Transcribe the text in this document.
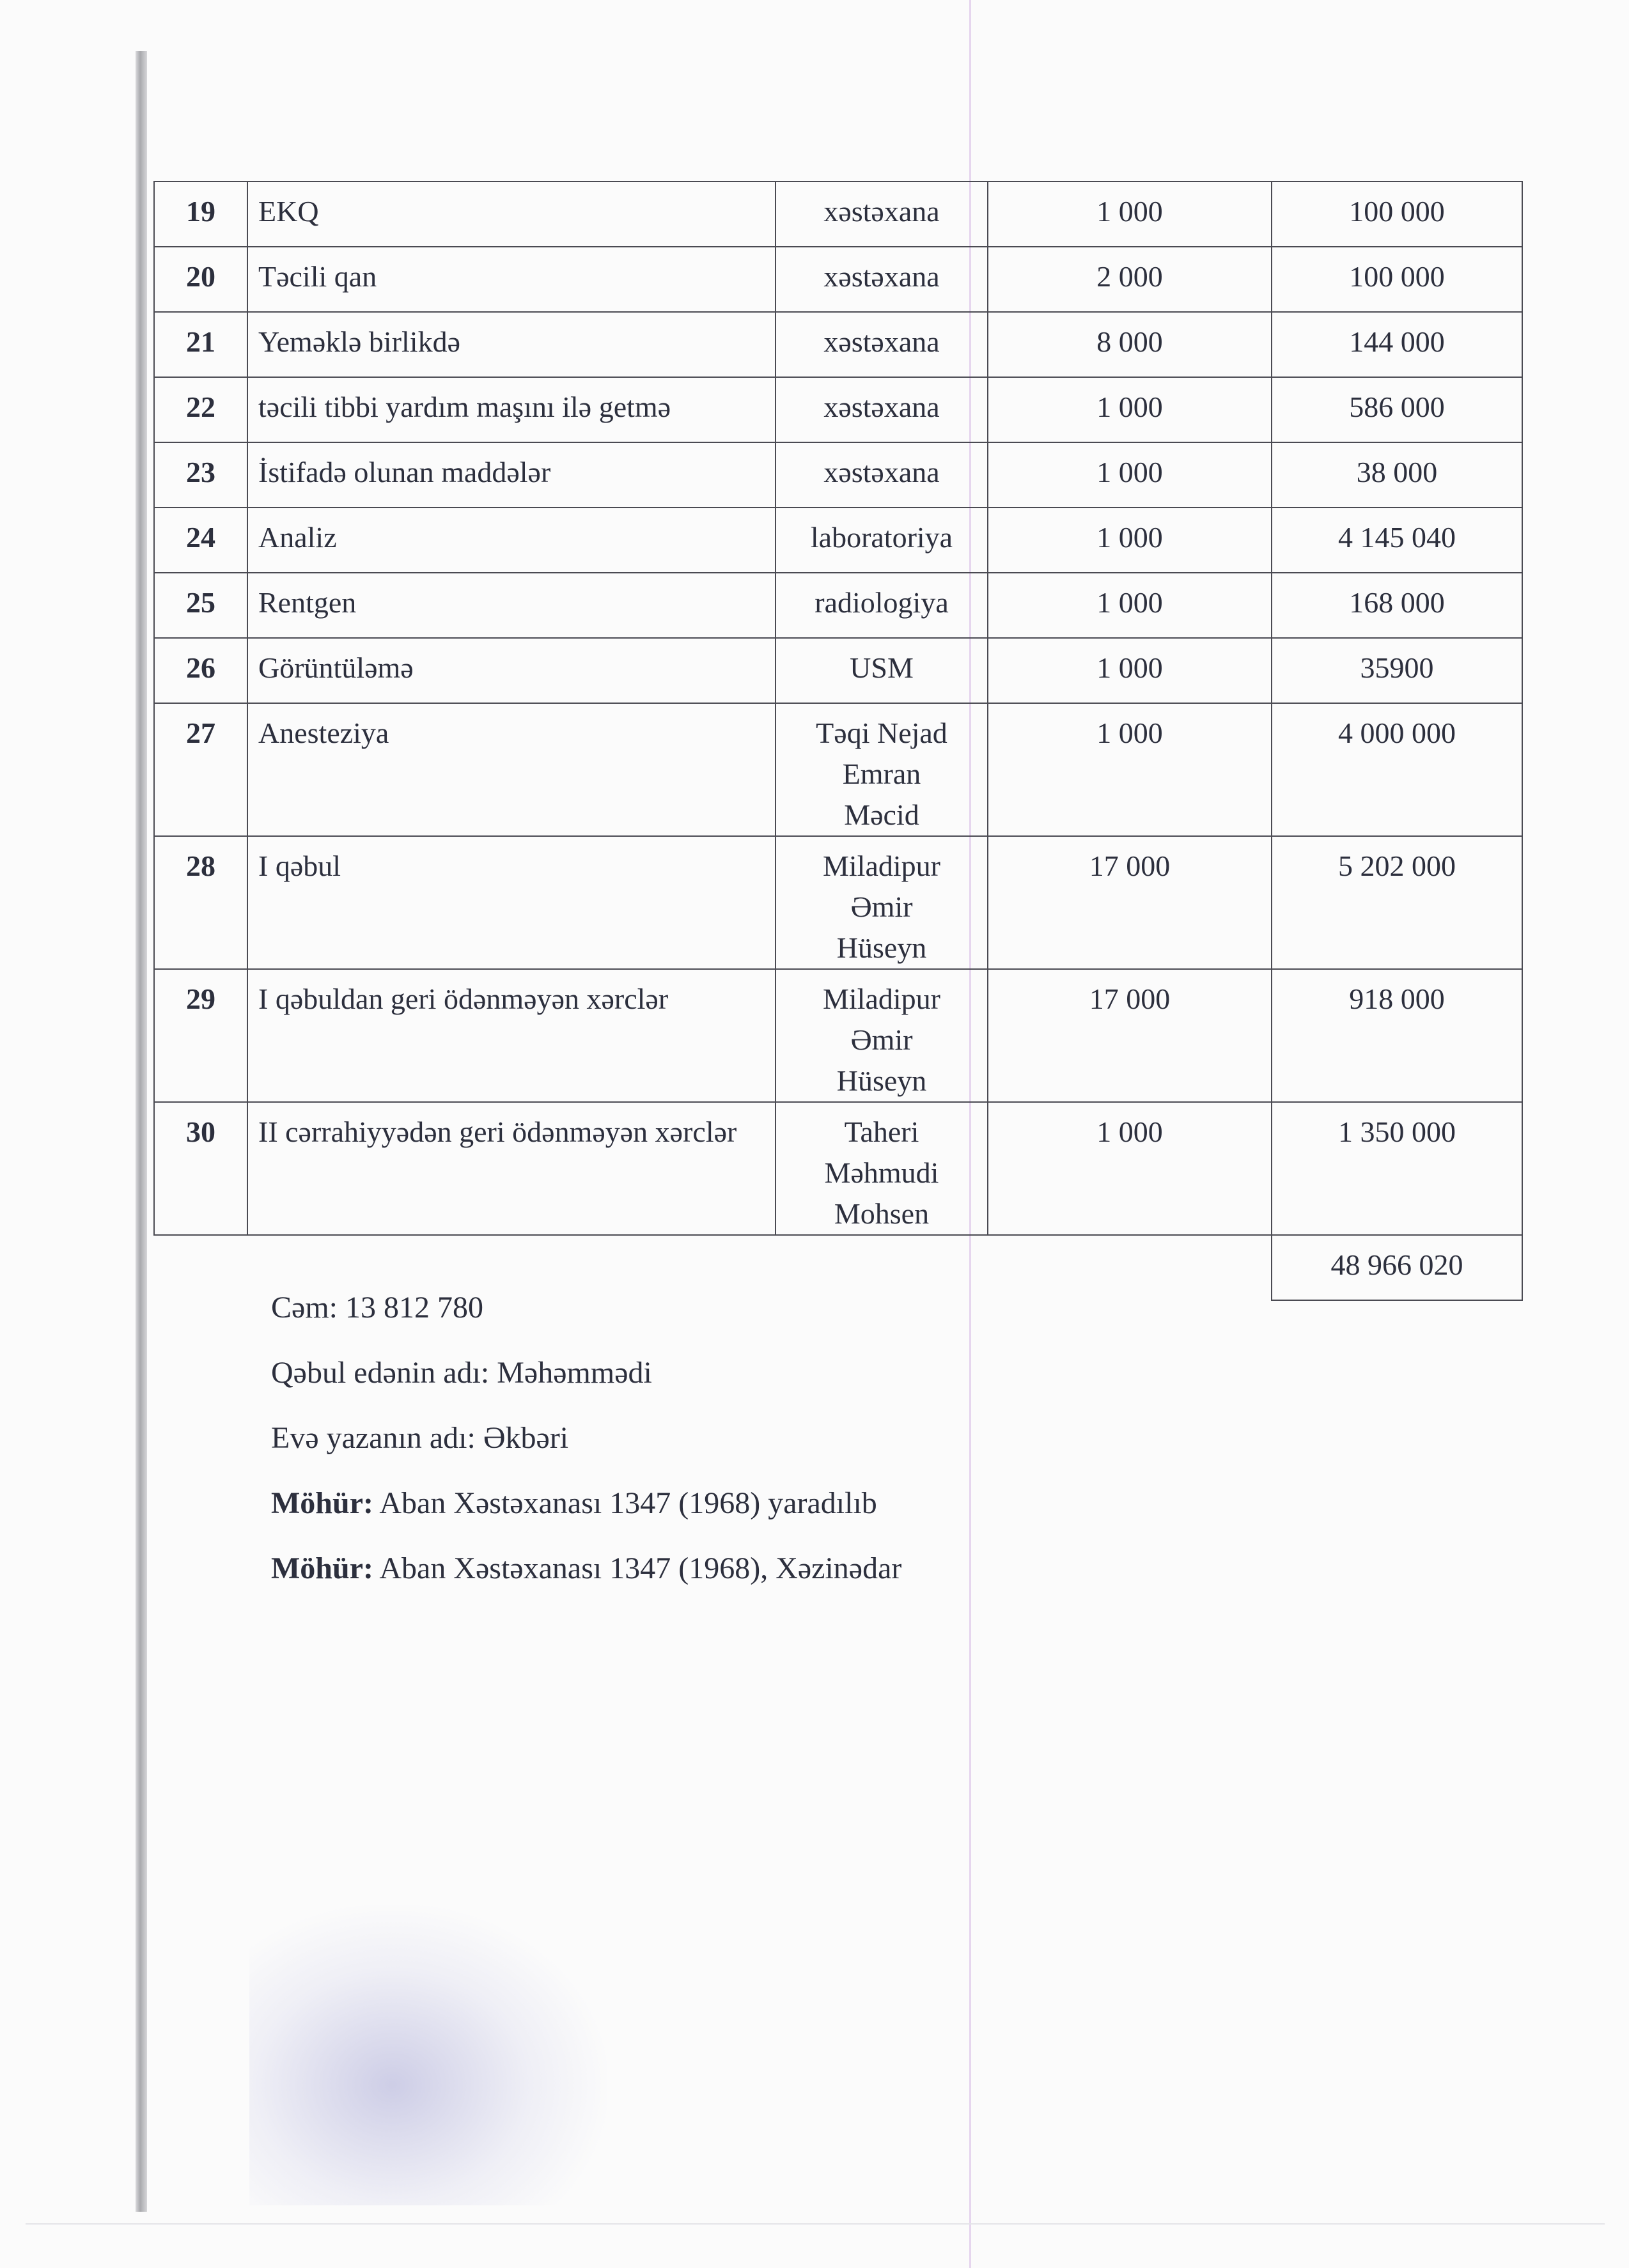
19	EKQ	xəstəxana	1 000	100 000
20	Təcili qan	xəstəxana	2 000	100 000
21	Yeməklə birlikdə	xəstəxana	8 000	144 000
22	təcili tibbi yardım maşını ilə getmə	xəstəxana	1 000	586 000
23	İstifadə olunan maddələr	xəstəxana	1 000	38 000
24	Analiz	laboratoriya	1 000	4 145 040
25	Rentgen	radiologiya	1 000	168 000
26	Görüntüləmə	USM	1 000	35900
27	Anesteziya	Təqi Nejad
Emran
Məcid	1 000	4 000 000
28	I qəbul	Miladipur
Əmir
Hüseyn	17 000	5 202 000
29	I qəbuldan geri ödənməyən xərclər	Miladipur
Əmir
Hüseyn	17 000	918 000
30	II cərrahiyyədən geri ödənməyən xərclər	Taheri
Məhmudi
Mohsen	1 000	1 350 000
				48 966 020
Cəm: 13 812 780
Qəbul edənin adı: Məhəmmədi
Evə yazanın adı: Əkbəri
Möhür: Aban Xəstəxanası 1347 (1968) yaradılıb
Möhür: Aban Xəstəxanası 1347 (1968), Xəzinədar
